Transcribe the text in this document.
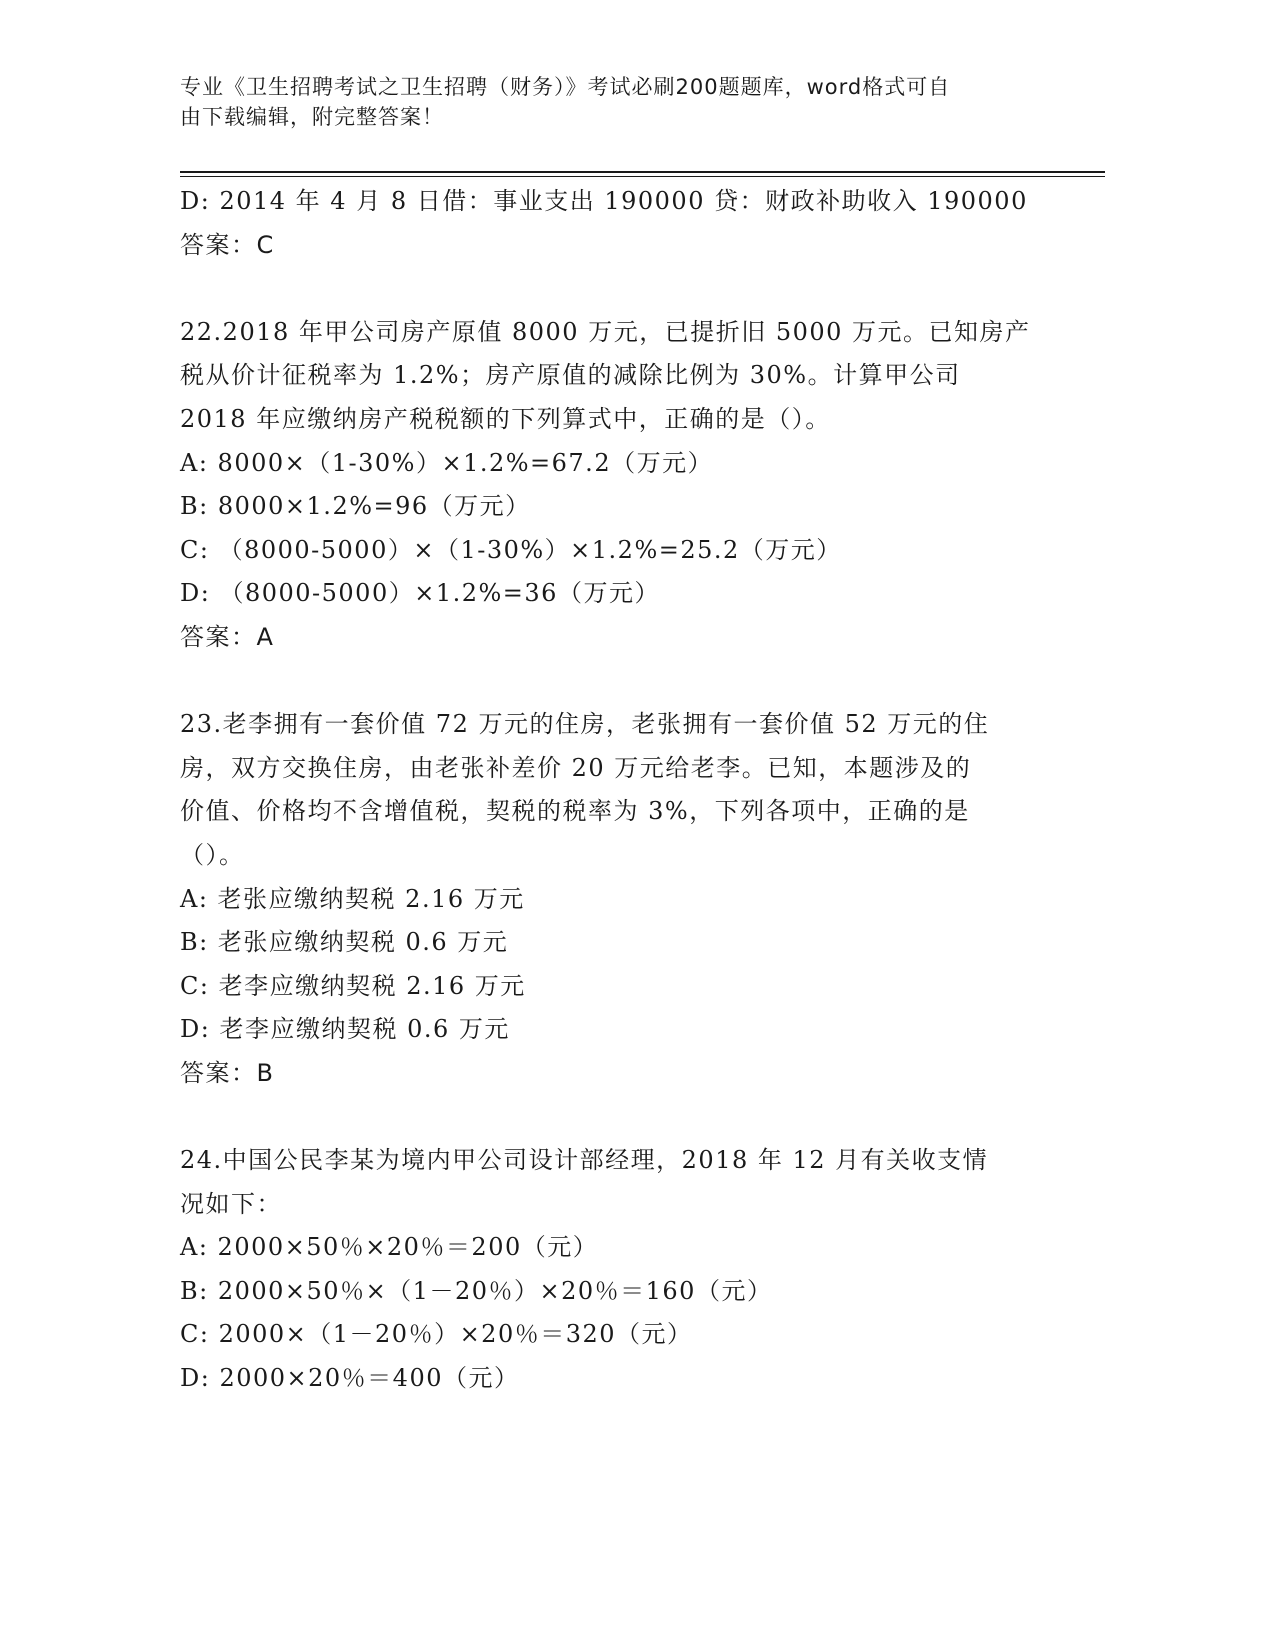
专业《卫生招聘考试之卫生招聘（财务）》考试必刷200题题库，word格式可自
由下载编辑，附完整答案！
D: 2014 年 4 月 8 日借：事业支出 190000 贷：财政补助收入 190000
答案：C
22.2018 年甲公司房产原值 8000 万元，已提折旧 5000 万元。已知房产
税从价计征税率为 1.2%；房产原值的减除比例为 30%。计算甲公司
2018 年应缴纳房产税税额的下列算式中，正确的是（）。
A: 8000×（1-30%）×1.2%=67.2（万元）
B: 8000×1.2%=96（万元）
C: （8000-5000）×（1-30%）×1.2%=25.2（万元）
D: （8000-5000）×1.2%=36（万元）
答案：A
23.老李拥有一套价值 72 万元的住房，老张拥有一套价值 52 万元的住
房，双方交换住房，由老张补差价 20 万元给老李。已知，本题涉及的
价值、价格均不含增值税，契税的税率为 3%，下列各项中，正确的是
（）。
A: 老张应缴纳契税 2.16 万元
B: 老张应缴纳契税 0.6 万元
C: 老李应缴纳契税 2.16 万元
D: 老李应缴纳契税 0.6 万元
答案：B
24.中国公民李某为境内甲公司设计部经理，2018 年 12 月有关收支情
况如下：
A: 2000×50％×20％＝200（元）
B: 2000×50％×（1－20％）×20％＝160（元）
C: 2000×（1－20％）×20％＝320（元）
D: 2000×20％＝400（元）
